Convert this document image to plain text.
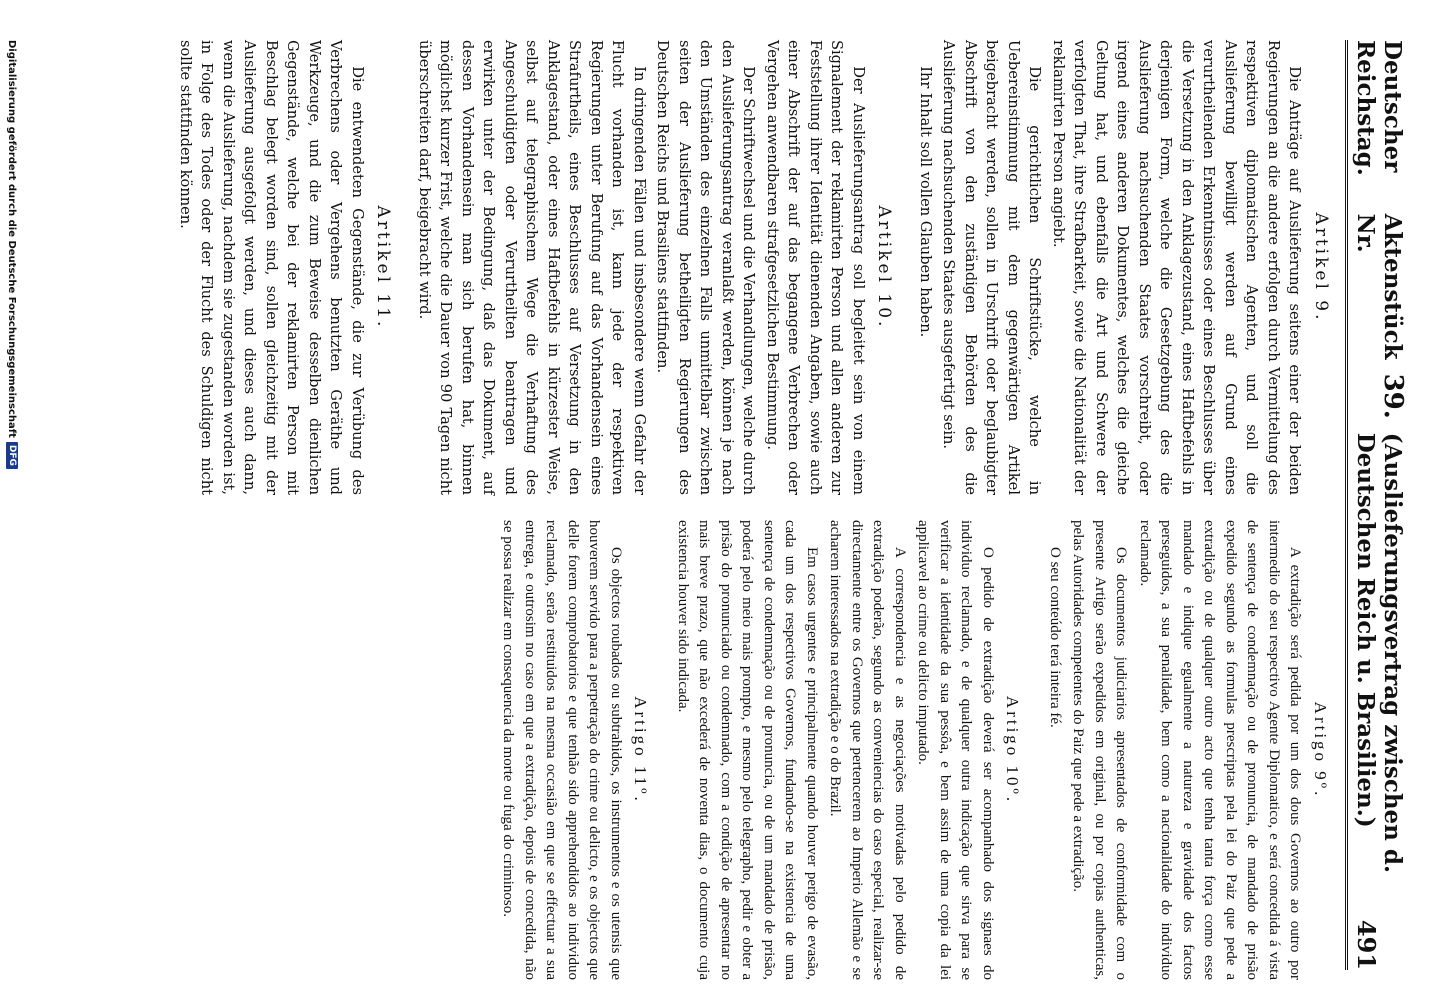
Deutscher Reichstag.
Aktenstück Nr.
39.
(Auslieferungsvertrag zwischen d. Deutschen Reich u. Brasilien.)
491
Artikel 9.

Die Anträge auf Auslieferung seitens einer der beiden Regierungen an die andere erfolgen durch Vermittelung des respektiven diplomatischen Agenten, und soll die Auslieferung bewilligt werden auf Grund eines verurtheilenden Erkenntnisses oder eines Beschlusses über die Versetzung in den Anklagezustand, eines Haftbefehls in derjenigen Form, welche die Gesetzgebung des die Auslieferung nachsuchenden Staates vorschreibt, oder irgend eines anderen Dokumentes, welches die gleiche Geltung hat, und ebenfalls die Art und Schwere der verfolgten That, ihre Strafbarkeit, sowie die Nationalität der reklamirten Person angiebt.

Die gerichtlichen Schriftstücke, welche in Uebereinstimmung mit dem gegenwärtigen Artikel beigebracht werden, sollen in Urschrift oder beglaubigter Abschrift von den zuständigen Behörden des die Auslieferung nachsuchenden Staates ausgefertigt sein.

Ihr Inhalt soll vollen Glauben haben.

Artikel 10.

Der Auslieferungsantrag soll begleitet sein von einem Signalement der reklamirten Person und allen anderen zur Feststellung ihrer Identität dienenden Angaben, sowie auch einer Abschrift der auf das begangene Verbrechen oder Vergehen anwendbaren strafgesetzlichen Bestimmung.

Der Schriftwechsel und die Verhandlungen, welche durch den Auslieferungsantrag veranlaßt werden, können je nach den Umständen des einzelnen Falls unmittelbar zwischen seiten der Auslieferung betheiligten Regierungen des Deutschen Reichs und Brasiliens stattfinden.

In dringenden Fällen und insbesondere wenn Gefahr der Flucht vorhanden ist, kann jede der respektiven Regierungen unter Berufung auf das Vorhandensein eines Strafurtheils, eines Beschlusses auf Versetzung in den Anklagestand, oder eines Haftbefehls in kürzester Weise, selbst auf telegraphischem Wege die Verhaftung des Angeschuldigten oder Verurtheilten beantragen und erwirken unter der Bedingung, daß das Dokument, auf dessen Vorhandensein man sich berufen hat, binnen möglichst kurzer Frist, welche die Dauer von 90 Tagen nicht überschreiten darf, beigebracht wird.

Artikel 11.

Die entwendeten Gegenstände, die zur Verübung des Verbrechens oder Vergehens benutzten Geräthe und Werkzeuge, und die zum Beweise desselben dienlichen Gegenstände, welche bei der reklamirten Person mit Beschlag belegt worden sind, sollen gleichzeitig mit der Auslieferung ausgefolgt werden, und dieses auch dann, wenn die Auslieferung, nachdem sie zugestanden worden ist, in Folge des Todes oder der Flucht des Schuldigen nicht sollte stattfinden können.

Artigo 9º.

A extradição será pedida por um dos dous Governos ao outro por intermedio do seu respectivo Agente Diplomatico, e será concedida á vista de sentença de condemnação ou de pronuncia, de mandado de prisão expedido segundo as formulas prescriptas pela lei do Paiz que pede a extradição ou de qualquer outro acto que tenha tanta força como esse mandado e indique egualmente a natureza e gravidade dos factos perseguidos, a sua penalidade, bem como a nacionalidade do individuo reclamado.

Os documentos judiciarios apresentados de conformidade com o presente Artigo serão expedidos em original, ou por copias authenticas, pelas Autoridades competentes do Paiz que pede a extradição.

O seu conteúdo terá inteira fé.

Artigo 10º.

O pedido de extradição deverá ser acompanhado dos signaes do individuo reclamado, e de qualquer outra indicação que sirva para se verificar a identidade da sua pessôa, e bem assim de uma copia da lei applicavel ao crime ou delicto imputado.

A correspondencia e as negociações motivadas pelo pedido de extradição poderão, segundo as conveniencias do caso especial, realizar-se directamente entre os Governos que pertencerem ao Imperio Allemão e se acharem interessados na extradição e o do Brazil.

Em casos urgentes e principalmente quando houver perigo de evasão, cada um dos respectivos Governos, fundando-se na existencia de uma sentença de condemnação ou de pronuncia, ou de um mandado de prisão, poderá pelo meio mais prompto, e mesmo pelo telegrapho, pedir e obter a prisão do pronunciado ou condemnado, com a condição de apresentar no mais breve prazo, que não excederá de noventa dias, o documento cuja existencia houver sido indicada.

Artigo 11º.

Os objectos roubados ou subtrahidos, os instrumentos e os utensis que houverem servido para a perpetração do crime ou delicto, e os objectos que delle forem comprobatorios e que tenhão sido apprehendidos ao individuo reclamado, serão restituidos na mesma occasião em que se effectuar a sua entrega, e outrosim no caso em que a extradição, depois de concedida, não se possa realizar em consequencia da morte ou fuga do criminoso.

Digitalisierung gefördert durch die Deutsche Forschungsgemeinschaft
DFG
